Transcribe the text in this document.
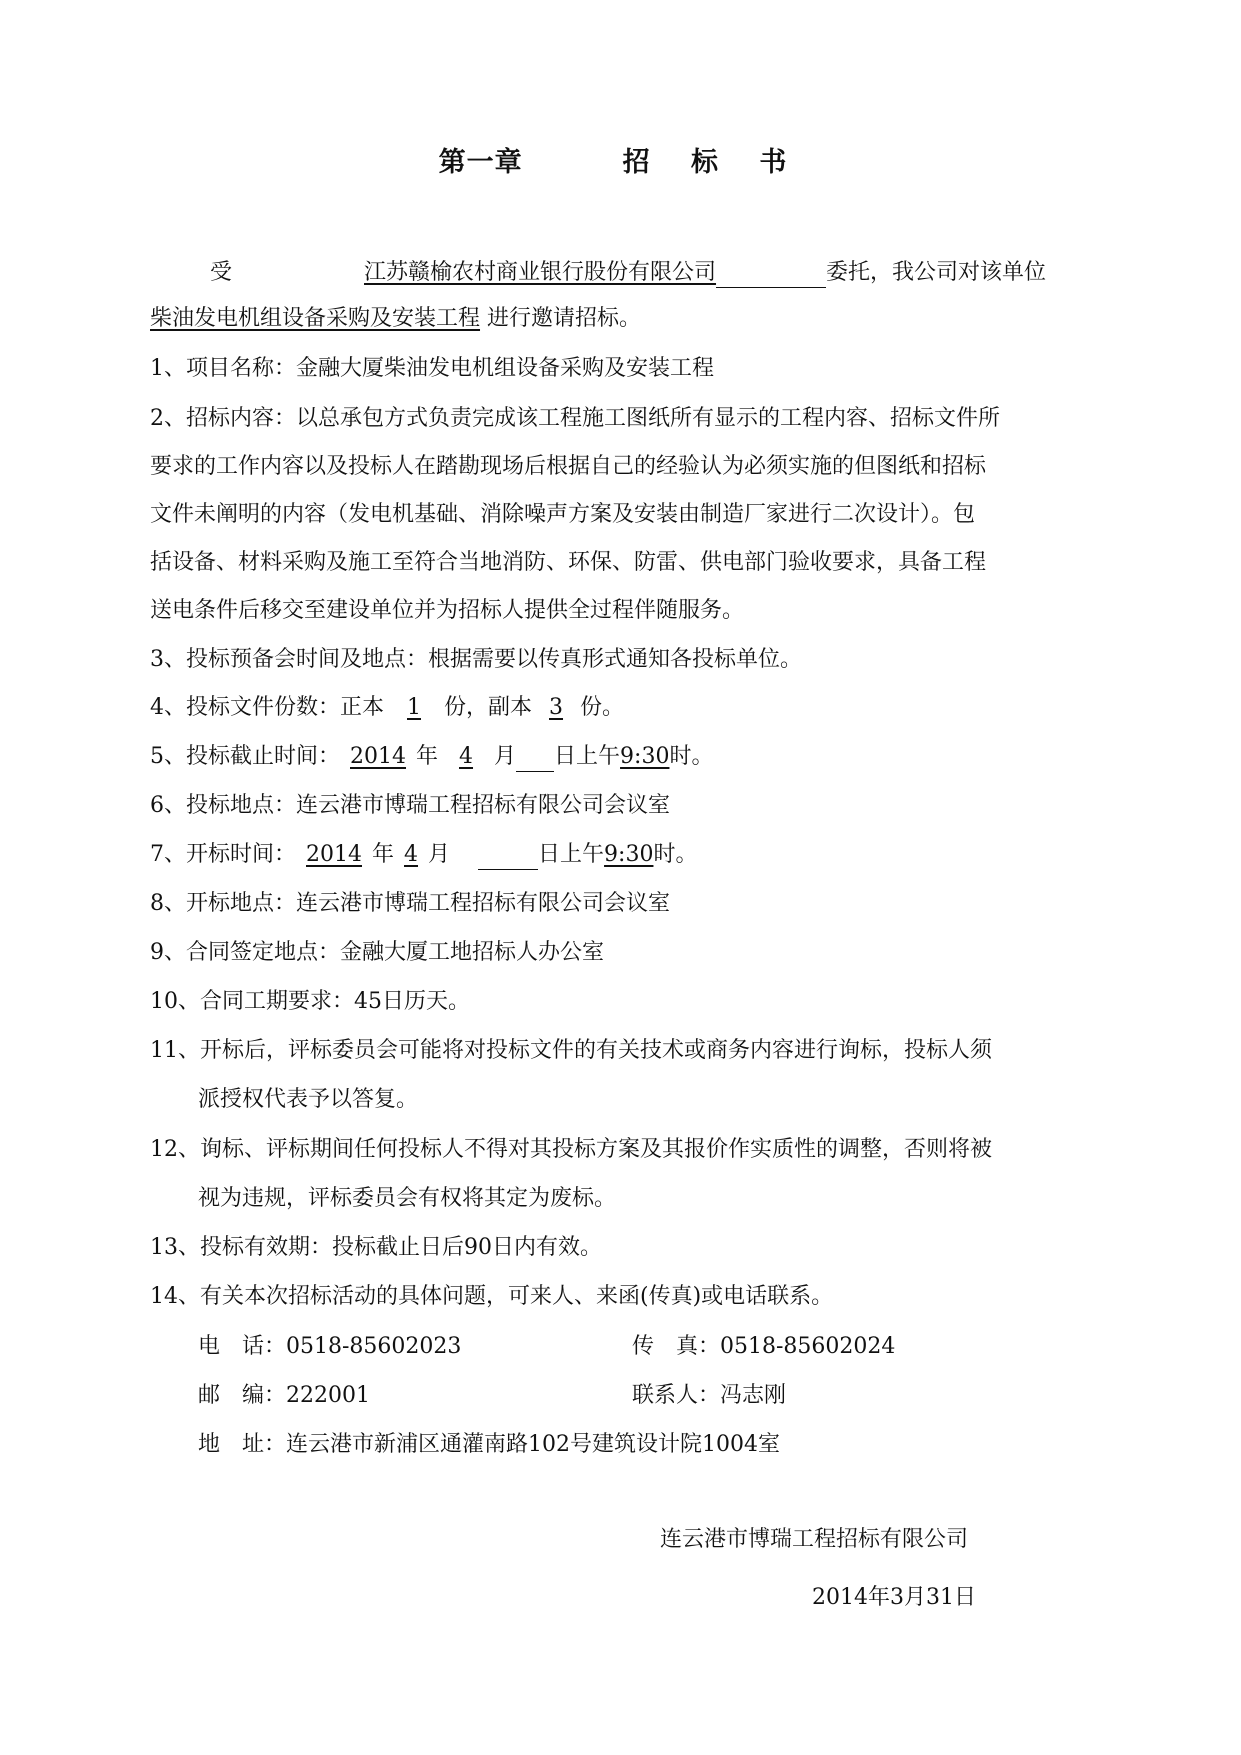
第一章	招 标 书
受	江苏赣榆农村商业银行股份有限公司	委托，我公司对该单位
柴油发电机组设备采购及安装工程 进行邀请招标。
1、项目名称：金融大厦柴油发电机组设备采购及安装工程
2、招标内容：以总承包方式负责完成该工程施工图纸所有显示的工程内容、招标文件所
要求的工作内容以及投标人在踏勘现场后根据自己的经验认为必须实施的但图纸和招标
文件未阐明的内容（发电机基础、消除噪声方案及安装由制造厂家进行二次设计）。包
括设备、材料采购及施工至符合当地消防、环保、防雷、供电部门验收要求，具备工程
送电条件后移交至建设单位并为招标人提供全过程伴随服务。
3、投标预备会时间及地点：根据需要以传真形式通知各投标单位。
4、投标文件份数：正本 1 份，副本 3 份。
5、投标截止时间： 2014 年 4 月 日上午9:30时。
6、投标地点：连云港市博瑞工程招标有限公司会议室
7、开标时间： 2014 年 4 月	日上午9:30时。
8、开标地点：连云港市博瑞工程招标有限公司会议室
9、合同签定地点：金融大厦工地招标人办公室
10、合同工期要求：45日历天。
11、开标后，评标委员会可能将对投标文件的有关技术或商务内容进行询标，投标人须
派授权代表予以答复。
12、询标、评标期间任何投标人不得对其投标方案及其报价作实质性的调整，否则将被
视为违规，评标委员会有权将其定为废标。
13、投标有效期：投标截止日后90日内有效。
14、有关本次招标活动的具体问题，可来人、来函(传真)或电话联系。
电　话：0518-85602023	传　真：0518-85602024
邮　编：222001	联系人：冯志刚
地　址：连云港市新浦区通灌南路102号建筑设计院1004室
连云港市博瑞工程招标有限公司
2014年3月31日
